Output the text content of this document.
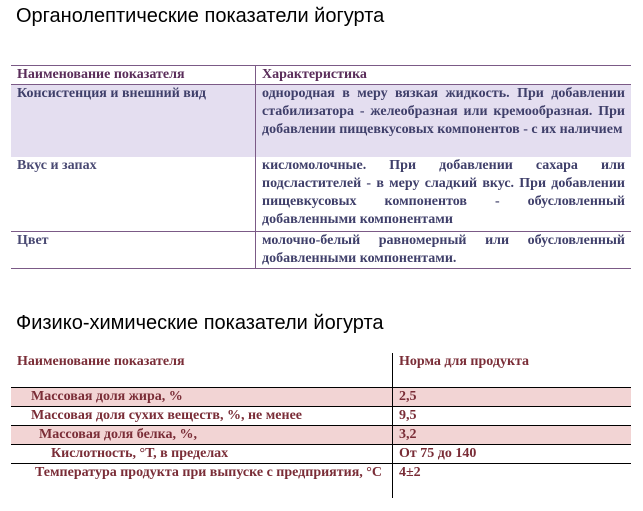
Органолептические показатели йогурта
Наименование показателя	Характеристика
Консистенция и внешний вид	однородная в меру вязкая жидкость. При добавлении стабилизатора - желеобразная или кремообразная. При добавлении пищевкусовых компонентов - с их наличием
Вкус и запах	кисломолочные. При добавлении сахара или подсластителей - в меру сладкий вкус. При добавлении пищевкусовых компонентов - обусловленный добавленными компонентами
Цвет	молочно-белый равномерный или обусловленный добавленными компонентами.
Физико-химические показатели йогурта
Наименование показателя	Норма для продукта
Массовая доля жира, %	2,5
Массовая доля сухих веществ, %, не менее	9,5
Массовая доля белка, %,	3,2
Кислотность, °Т, в пределах	От 75 до 140
Температура продукта при выпуске с предприятия, °С	4±2
